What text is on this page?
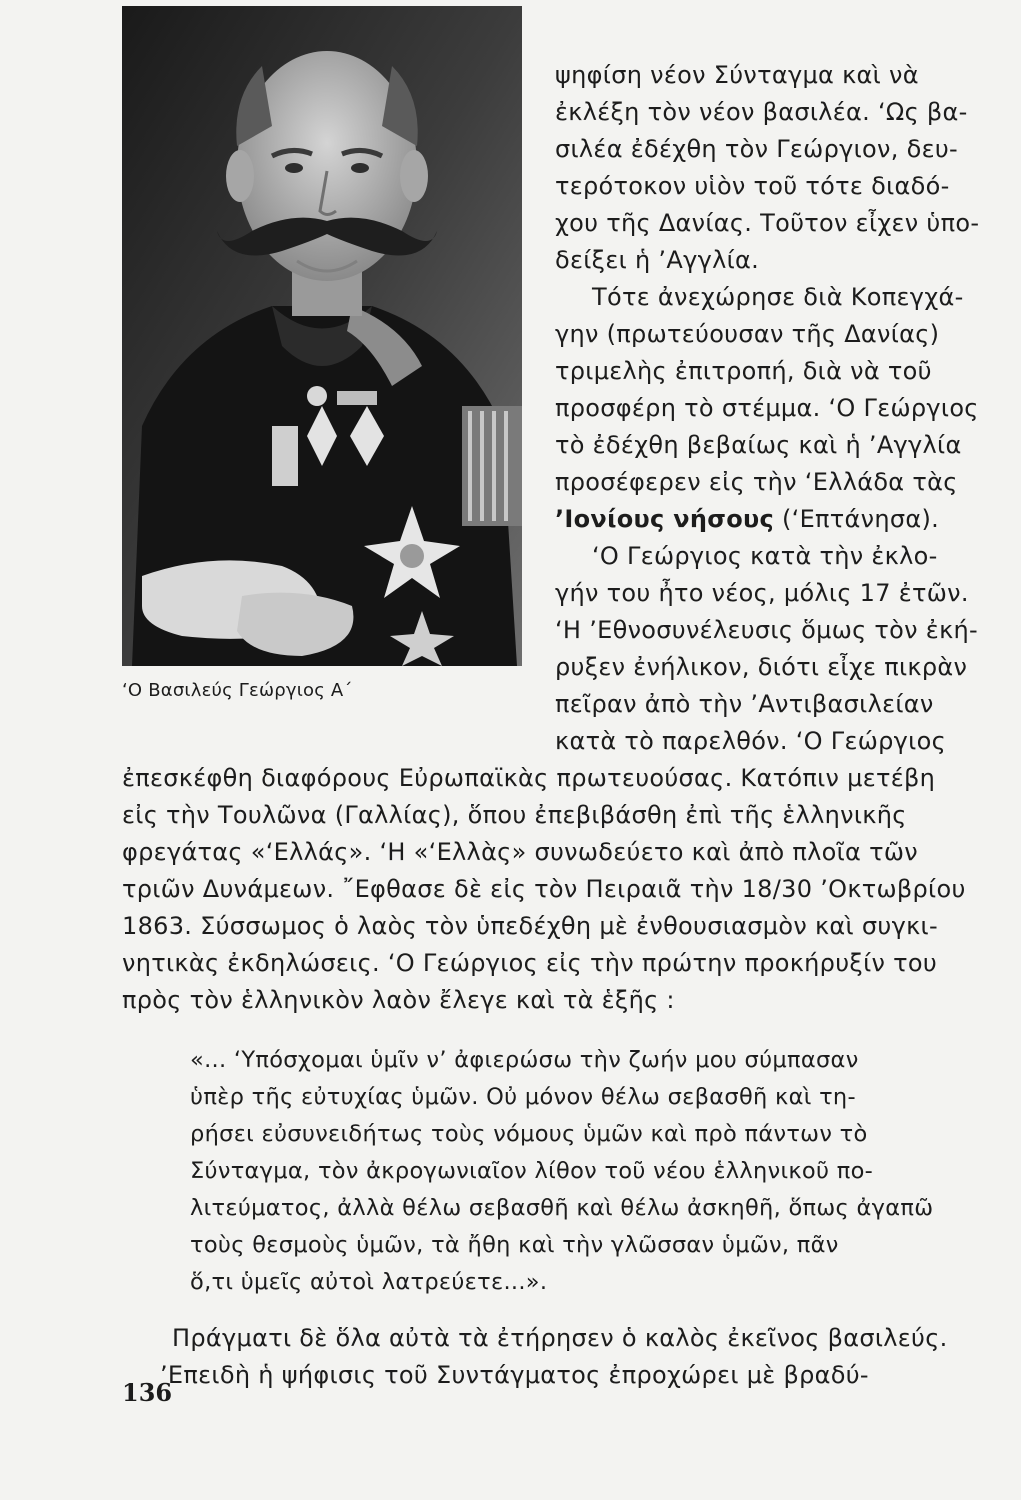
‘Ο Βασιλεύς Γεώργιος Α΄
ψηφίση νέον Σύνταγμα καὶ νὰ
ἐκλέξη τὸν νέον βασιλέα. ‘Ως βα-
σιλέα ἐδέχθη τὸν Γεώργιον, δευ-
τερότοκον υἱὸν τοῦ τότε διαδό-
χου τῆς Δανίας. Τοῦτον εἶχεν ὑπο-
δείξει ἡ ’Αγγλία.
Τότε ἀνεχώρησε διὰ Κοπεγχά-
γην (πρωτεύουσαν τῆς Δανίας)
τριμελὴς ἐπιτροπή, διὰ νὰ τοῦ
προσφέρη τὸ στέμμα. ‘Ο Γεώργιος
τὸ ἐδέχθη βεβαίως καὶ ἡ ’Αγγλία
προσέφερεν εἰς τὴν ‘Ελλάδα τὰς
’Ιονίους νήσους (‘Επτάνησα).
‘Ο Γεώργιος κατὰ τὴν ἐκλο-
γήν του ἦτο νέος, μόλις 17 ἐτῶν.
‘Η ’Εθνοσυνέλευσις ὅμως τὸν ἐκή-
ρυξεν ἐνήλικον, διότι εἶχε πικρὰν
πεῖραν ἀπὸ τὴν ’Αντιβασιλείαν
κατὰ τὸ παρελθόν. ‘Ο Γεώργιος
ἐπεσκέφθη διαφόρους Εὐρωπαϊκὰς πρωτευούσας. Κατόπιν μετέβη
εἰς τὴν Τουλῶνα (Γαλλίας), ὅπου ἐπεβιβάσθη ἐπὶ τῆς ἑλληνικῆς
φρεγάτας «‘Ελλάς». ‘Η «‘Ελλὰς» συνωδεύετο καὶ ἀπὸ πλοῖα τῶν
τριῶν Δυνάμεων. ῎Εφθασε δὲ εἰς τὸν Πειραιᾶ τὴν 18/30 ’Οκτωβρίου
1863. Σύσσωμος ὁ λαὸς τὸν ὑπεδέχθη μὲ ἐνθουσιασμὸν καὶ συγκι-
νητικὰς ἐκδηλώσεις. ‘Ο Γεώργιος εἰς τὴν πρώτην προκήρυξίν του
πρὸς τὸν ἑλληνικὸν λαὸν ἔλεγε καὶ τὰ ἑξῆς :
«... ‘Υπόσχομαι ὑμῖν ν’ ἀφιερώσω τὴν ζωήν μου σύμπασαν
ὑπὲρ τῆς εὐτυχίας ὑμῶν. Οὐ μόνον θέλω σεβασθῆ καὶ τη-
ρήσει εὐσυνειδήτως τοὺς νόμους ὑμῶν καὶ πρὸ πάντων τὸ
Σύνταγμα, τὸν ἀκρογωνιαῖον λίθον τοῦ νέου ἑλληνικοῦ πο-
λιτεύματος, ἀλλὰ θέλω σεβασθῆ καὶ θέλω ἀσκηθῆ, ὅπως ἀγαπῶ
τοὺς θεσμοὺς ὑμῶν, τὰ ἤθη καὶ τὴν γλῶσσαν ὑμῶν, πᾶν
ὅ,τι ὑμεῖς αὐτοὶ λατρεύετε...».
Πράγματι δὲ ὅλα αὐτὰ τὰ ἐτήρησεν ὁ καλὸς ἐκεῖνος βασιλεύς.
’Επειδὴ ἡ ψήφισις τοῦ Συντάγματος ἐπροχώρει μὲ βραδύ-
136
